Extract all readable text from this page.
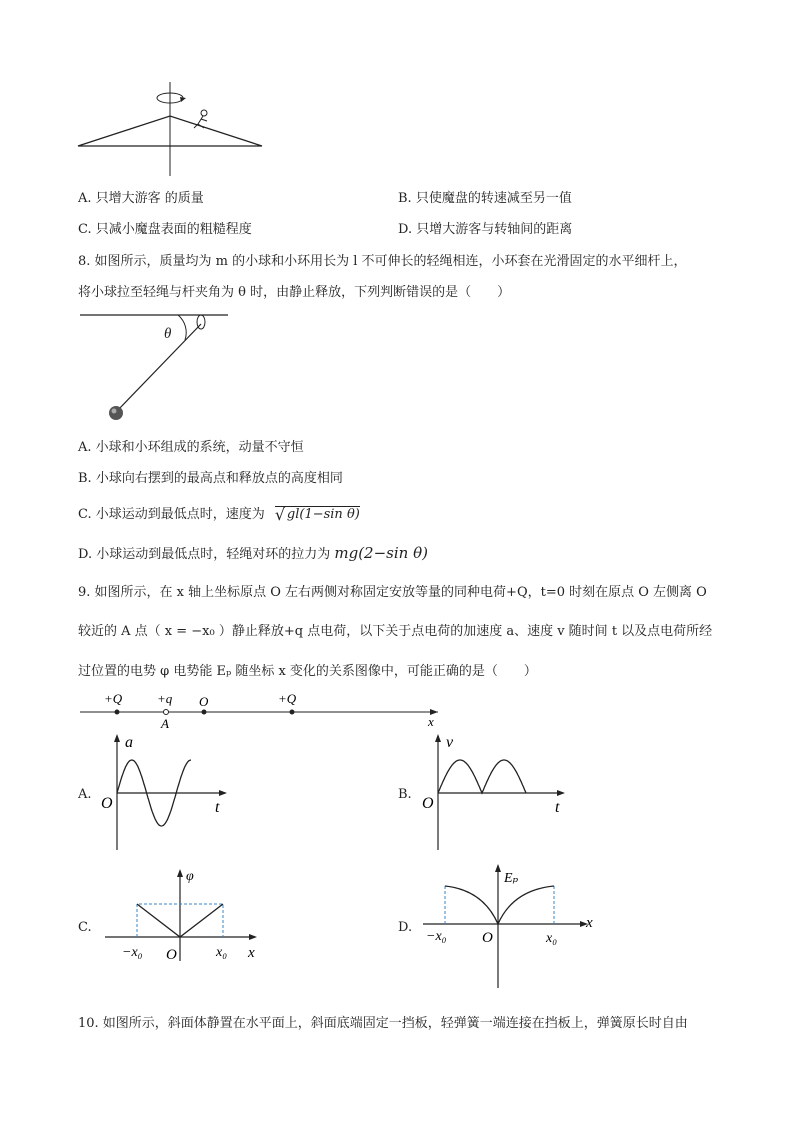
A. 只增大游客 的质量	B. 只使魔盘的转速减至另一值
C. 只减小魔盘表面的粗糙程度	D. 只增大游客与转轴间的距离
8. 如图所示，质量均为 m 的小球和小环用长为 l 不可伸长的轻绳相连，小环套在光滑固定的水平细杆上，
将小球拉至轻绳与杆夹角为 θ 时，由静止释放，下列判断错误的是（　　）
θ
A. 小球和小环组成的系统，动量不守恒
B. 小球向右摆到的最高点和释放点的高度相同
C. 小球运动到最低点时，速度为 √ gl(1−sin θ)
D. 小球运动到最低点时，轻绳对环的拉力为 mg(2−sin θ)
9. 如图所示，在 x 轴上坐标原点 O 左右两侧对称固定安放等量的同种电荷+Q，t=0 时刻在原点 O 左侧离 O
较近的 A 点（ x = −x₀ ）静止释放+q 点电荷，以下关于点电荷的加速度 a、速度 v 随时间 t 以及点电荷所经
过位置的电势 φ 电势能 Eₚ 随坐标 x 变化的关系图像中，可能正确的是（　　）
+Q	+q O	+Q
A	x
A.
a
t
O
B.
v
t
O
C.
φ
x
O
−x₀	x₀
D.
Eₚ
x
O
−x₀	x₀
10. 如图所示，斜面体静置在水平面上，斜面底端固定一挡板，轻弹簧一端连接在挡板上，弹簧原长时自由
